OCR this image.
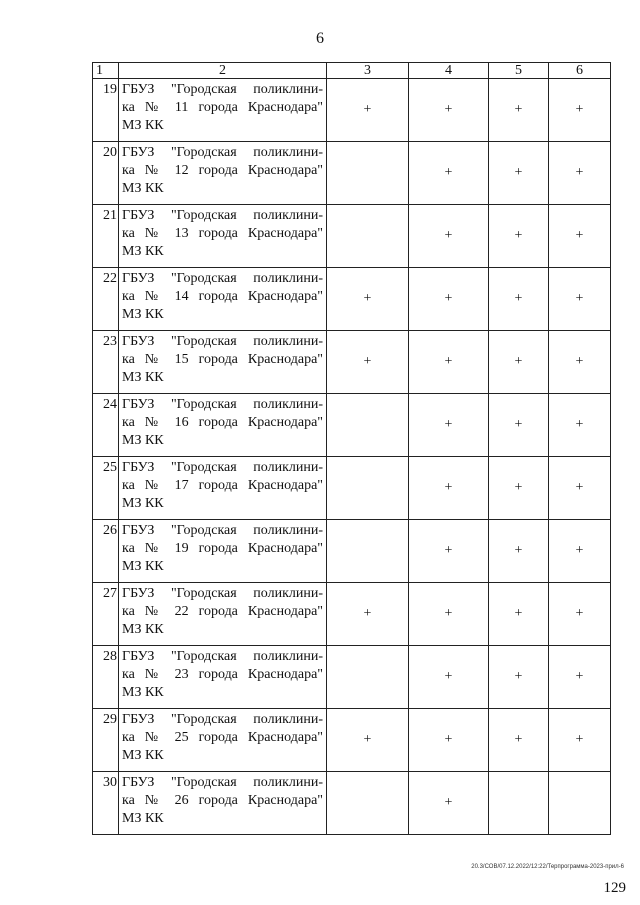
6
1	2	3	4	5	6
19	ГБУЗ "Городская поликлини-
ка № 11 города Краснодара"
МЗ КК	+	+	+	+
20	ГБУЗ "Городская поликлини-
ка № 12 города Краснодара"
МЗ КК		+	+	+
21	ГБУЗ "Городская поликлини-
ка № 13 города Краснодара"
МЗ КК		+	+	+
22	ГБУЗ "Городская поликлини-
ка № 14 города Краснодара"
МЗ КК	+	+	+	+
23	ГБУЗ "Городская поликлини-
ка № 15 города Краснодара"
МЗ КК	+	+	+	+
24	ГБУЗ "Городская поликлини-
ка № 16 города Краснодара"
МЗ КК		+	+	+
25	ГБУЗ "Городская поликлини-
ка № 17 города Краснодара"
МЗ КК		+	+	+
26	ГБУЗ "Городская поликлини-
ка № 19 города Краснодара"
МЗ КК		+	+	+
27	ГБУЗ "Городская поликлини-
ка № 22 города Краснодара"
МЗ КК	+	+	+	+
28	ГБУЗ "Городская поликлини-
ка № 23 города Краснодара"
МЗ КК		+	+	+
29	ГБУЗ "Городская поликлини-
ка № 25 города Краснодара"
МЗ КК	+	+	+	+
30	ГБУЗ "Городская поликлини-
ка № 26 города Краснодара"
МЗ КК		+		
20.3/СОВ/07.12.2022/12:22/Терпрограмма-2023-прил-6
129
